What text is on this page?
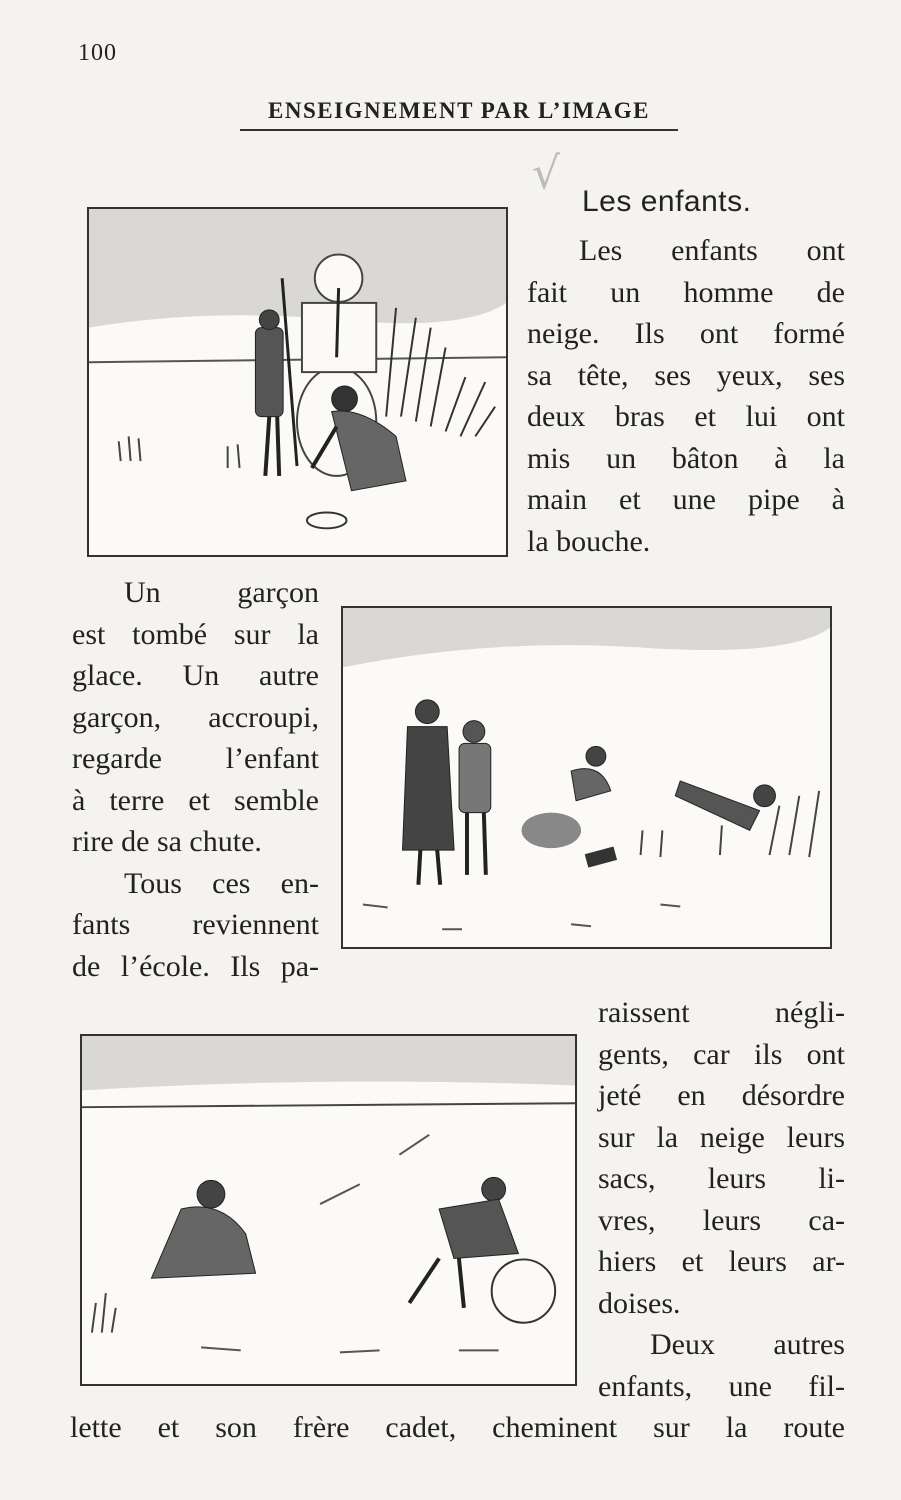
100
ENSEIGNEMENT PAR L’IMAGE
√
Les enfants.
Les enfants ont
fait un homme de
neige. Ils ont formé
sa tête, ses yeux, ses
deux bras et lui ont
mis un bâton à la
main et une pipe à
la bouche.
Un garçon
est tombé sur la
glace. Un autre
garçon, accroupi,
regarde l’enfant
à terre et semble
rire de sa chute.
Tous ces en-
fants reviennent
de l’école. Ils pa-
raissent négli-
gents, car ils ont
jeté en désordre
sur la neige leurs
sacs, leurs li-
vres, leurs ca-
hiers et leurs ar-
doises.
Deux autres
enfants, une fil-
lette et son frère cadet, cheminent sur la route
